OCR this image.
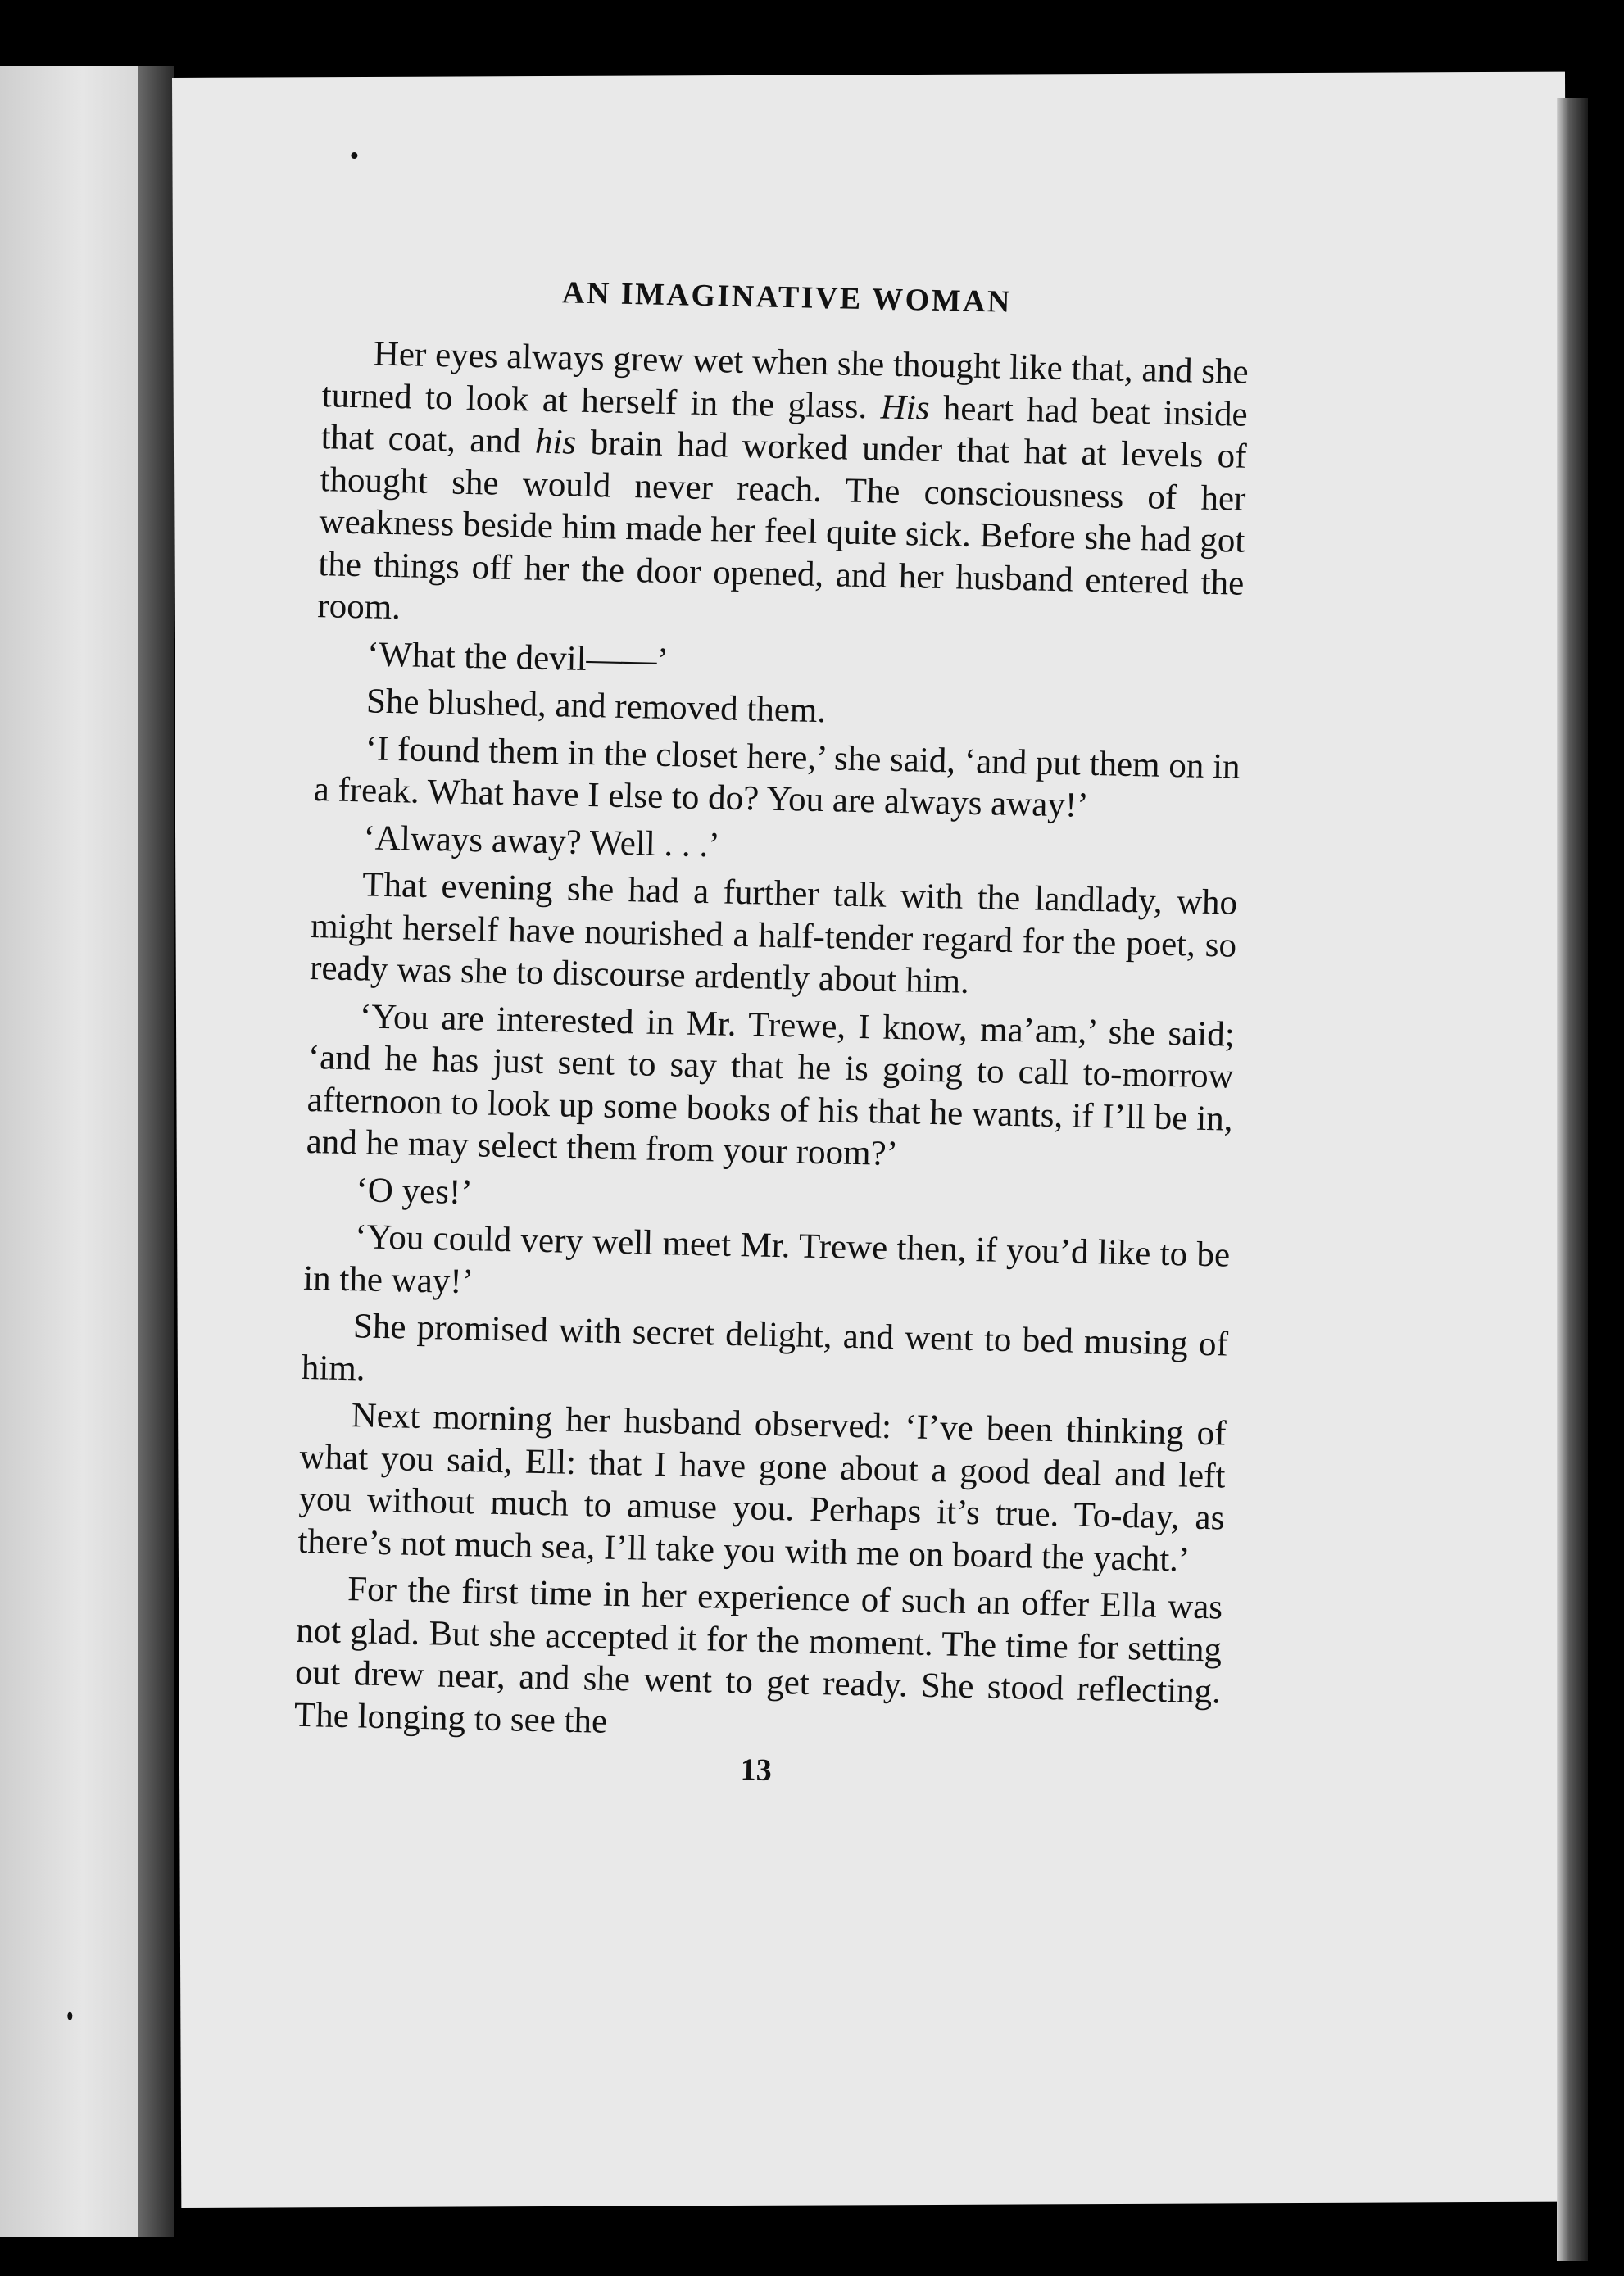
AN IMAGINATIVE WOMAN

Her eyes always grew wet when she thought like that, and she turned to look at herself in the glass. His heart had beat inside that coat, and his brain had worked under that hat at levels of thought she would never reach. The consciousness of her weakness beside him made her feel quite sick. Before she had got the things off her the door opened, and her husband entered the room.

‘What the devil——’

She blushed, and removed them.

‘I found them in the closet here,’ she said, ‘and put them on in a freak. What have I else to do? You are always away!’

‘Always away? Well . . .’

That evening she had a further talk with the landlady, who might herself have nourished a half-tender regard for the poet, so ready was she to discourse ardently about him.

‘You are interested in Mr. Trewe, I know, ma’am,’ she said; ‘and he has just sent to say that he is going to call to-morrow afternoon to look up some books of his that he wants, if I’ll be in, and he may select them from your room?’

‘O yes!’

‘You could very well meet Mr. Trewe then, if you’d like to be in the way!’

She promised with secret delight, and went to bed musing of him.

Next morning her husband observed: ‘I’ve been thinking of what you said, Ell: that I have gone about a good deal and left you without much to amuse you. Perhaps it’s true. To-day, as there’s not much sea, I’ll take you with me on board the yacht.’

For the first time in her experience of such an offer Ella was not glad. But she accepted it for the moment. The time for setting out drew near, and she went to get ready. She stood reflecting. The longing to see the

13
